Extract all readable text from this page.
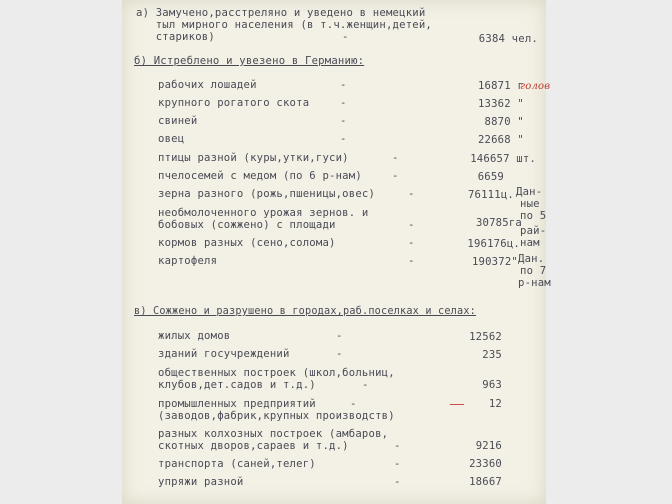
а) Замучено,расстреляно и уведено в немецкий
тыл мирного населения (в т.ч.женщин,детей,
стариков)	-	6384 чел.
б) Истреблено и увезено в Германию:
рабочих лошадей	-	16871 г
голов
крупного рогатого скота	-	13362 "
свиней	-	8870 "
овец	-	22668 "
птицы разной (куры,утки,гуси)	-	146657 шт.
пчелосемей с медом (по 6 р-нам)	-	6659
зерна разного (рожь,пшеницы,овес)	-	76111ц.
необмолоченного урожая зернов. и
бобовых (сожжено) с площади	-	30785га
кормов разных (сено,солома)	-	196176ц.
картофеля	-	190372"
Дан-
ные
по 5
рай-
нам
Дан.
по 7
р-нам
в) Сожжено и разрушено в городах,раб.поселках и селах:
жилых домов	-	12562
зданий госучреждений	-	235
общественных построек (школ,больниц,
клубов,дет.садов и т.д.)	-	963
промышленных предприятий
(заводов,фабрик,крупных производств)
-	12
разных колхозных построек (амбаров,
скотных дворов,сараев и т.д.)	-	9216
транспорта (саней,телег)	-	23360
упряжи разной	-	18667
